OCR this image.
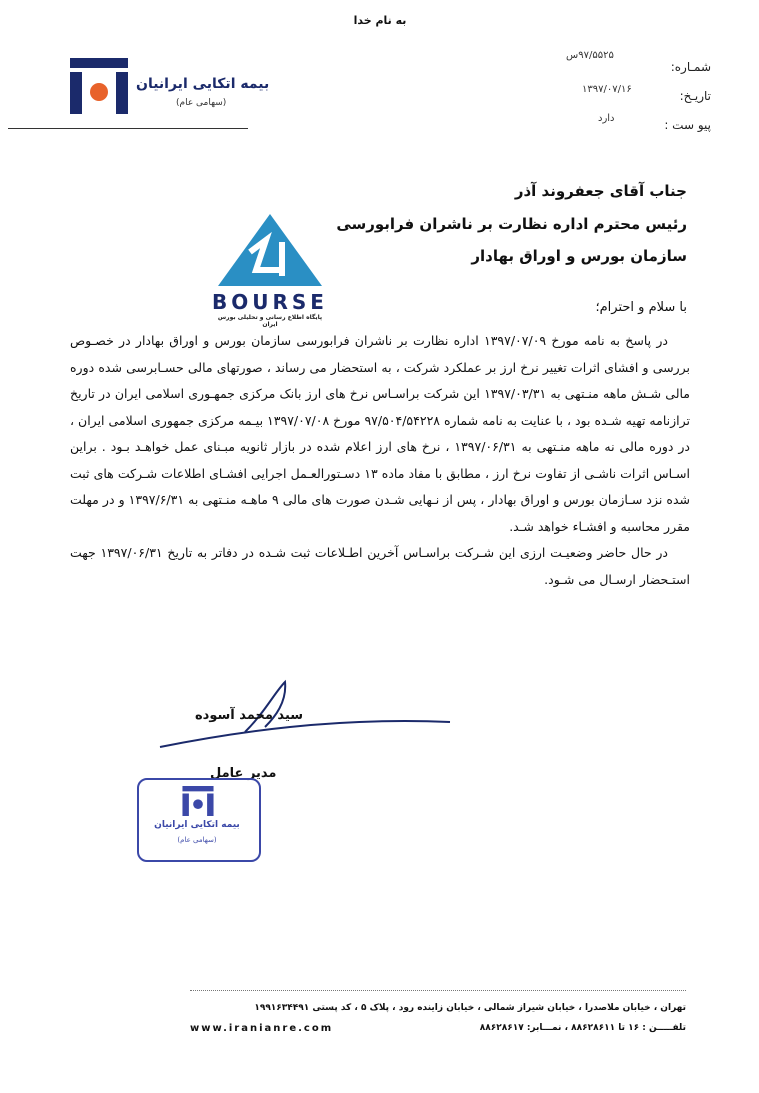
به نام خدا
بیمه اتکایی ایرانیان
(سهامی عام)
شمـاره:
تاریـخ:
پیو ست :
۹۷/۵۵۲۵س
۱۳۹۷/۰۷/۱۶
دارد
BOURSE
پایگاه اطلاع رسانی و تحلیلی بورس ایران
جناب آقای جعفروند آذر
رئیس محترم اداره نظارت بر ناشران فرابورسی
سازمان بورس و اوراق بهادار
با سلام و احترام؛

در پاسخ به نامه مورخ ۱۳۹۷/۰۷/۰۹ اداره نظارت بر ناشران فرابورسی سازمان بورس و اوراق بهادار در خصـوص بررسی و افشای اثرات تغییر نرخ ارز بر عملکرد شرکت ، به استحضار می رساند ، صورتهای مالی حسـابرسی شده دوره مالی شـش ماهه منـتهی به ۱۳۹۷/۰۳/۳۱ این شرکت براسـاس نرخ های ارز بانک مرکزی جمهـوری اسلامی ایران در تاریخ ترازنامه تهیه شـده بود ، با عنایت به نامه شماره ۹۷/۵۰۴/۵۴۲۲۸ مورخ ۱۳۹۷/۰۷/۰۸ بیـمه مرکزی جمهوری اسلامی ایران ، در دوره مالی نه ماهه منـتهی به ۱۳۹۷/۰۶/۳۱ ، نرخ های ارز اعلام شده در بازار ثانویه مبـنای عمل خواهـد بـود . براین اسـاس اثرات ناشـی از تفاوت نرخ ارز ، مطابق با مفاد ماده ۱۳ دسـتورالعـمل اجرایی افشـای اطلاعات شـرکت های ثبت شده نزد سـازمان بورس و اوراق بهادار ، پس از نـهایی شـدن صورت های مالی ۹ ماهـه منـتهی به ۱۳۹۷/۶/۳۱ و در مهلت مقرر محاسبه و افشـاء خواهد شـد.

در حال حاضر وضعیـت ارزی این شـرکت براسـاس آخرین اطـلاعات ثبت شـده در دفاتر به تاریخ ۱۳۹۷/۰۶/۳۱ جهت استـحضار ارسـال می شـود.

سید محمد آسوده
مدیر عامل
بیمه اتکایی ایرانیان
(سهامی عام)
تهران ، خیابان ملاصدرا ، خیابان شیراز شمالی ، خیابان زاینده رود ، پلاک ۵ ، کد پستی ۱۹۹۱۶۳۴۴۹۱
تلفـــــن : ۱۶ تا ۸۸۶۲۸۶۱۱ ، نمـــابر: ۸۸۶۲۸۶۱۷
www.iranianre.com
